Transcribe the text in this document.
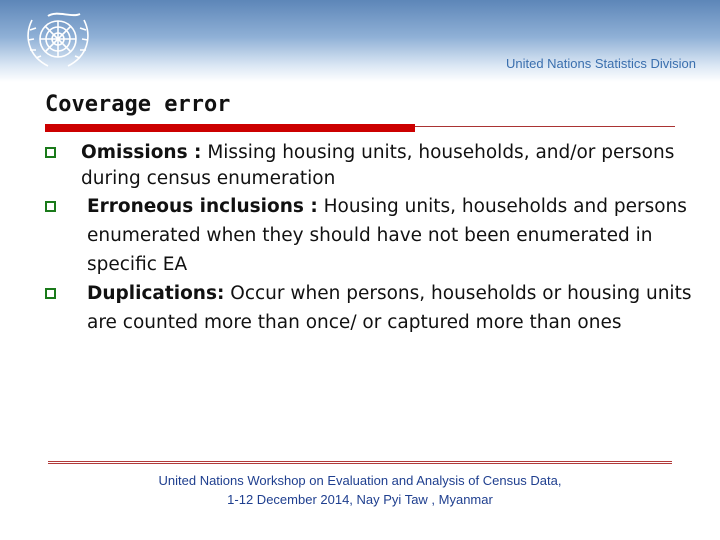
United Nations Statistics Division
Coverage error
Omissions : Missing housing units, households, and/or persons during census enumeration
Erroneous inclusions : Housing units, households and persons enumerated when they should have not been enumerated in specific EA
Duplications: Occur when persons, households or housing units are counted more than once/ or captured more than ones
United Nations Workshop on Evaluation and Analysis of Census Data,
1-12 December 2014, Nay Pyi Taw , Myanmar
